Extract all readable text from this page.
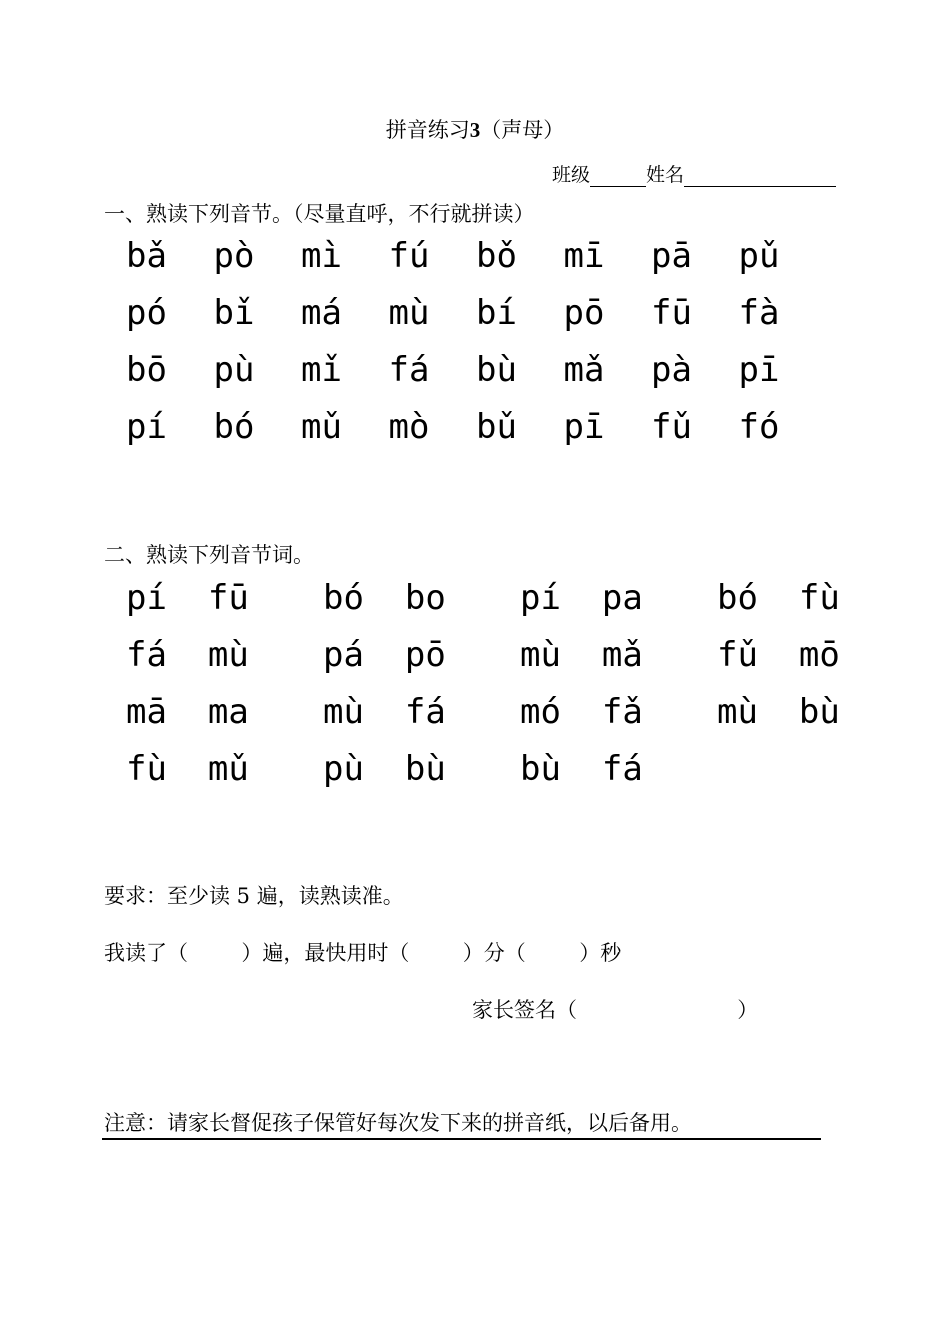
拼音练习3（声母）
班级	姓名
一、熟读下列音节。（尽量直呼，不行就拼读）
bǎ pò mì fú bǒ mī pā pǔ
pó bǐ má mù bí pō fū fà
bō pù mǐ fá bù mǎ pà pī
pí bó mǔ mò bǔ pī fǔ fó
二、熟读下列音节词。
pí  fū bó  bo pí  pa bó  fù
fá  mù pá  pō mù  mǎ fǔ  mō
mā  ma mù  fá mó  fǎ mù  bù
fù  mǔ pù  bù bù  fá
要求：至少读 5 遍，读熟读准。
我读了（        ）遍，最快用时（        ）分（        ）秒
家长签名（                        ）
注意：请家长督促孩子保管好每次发下来的拼音纸，以后备用。
